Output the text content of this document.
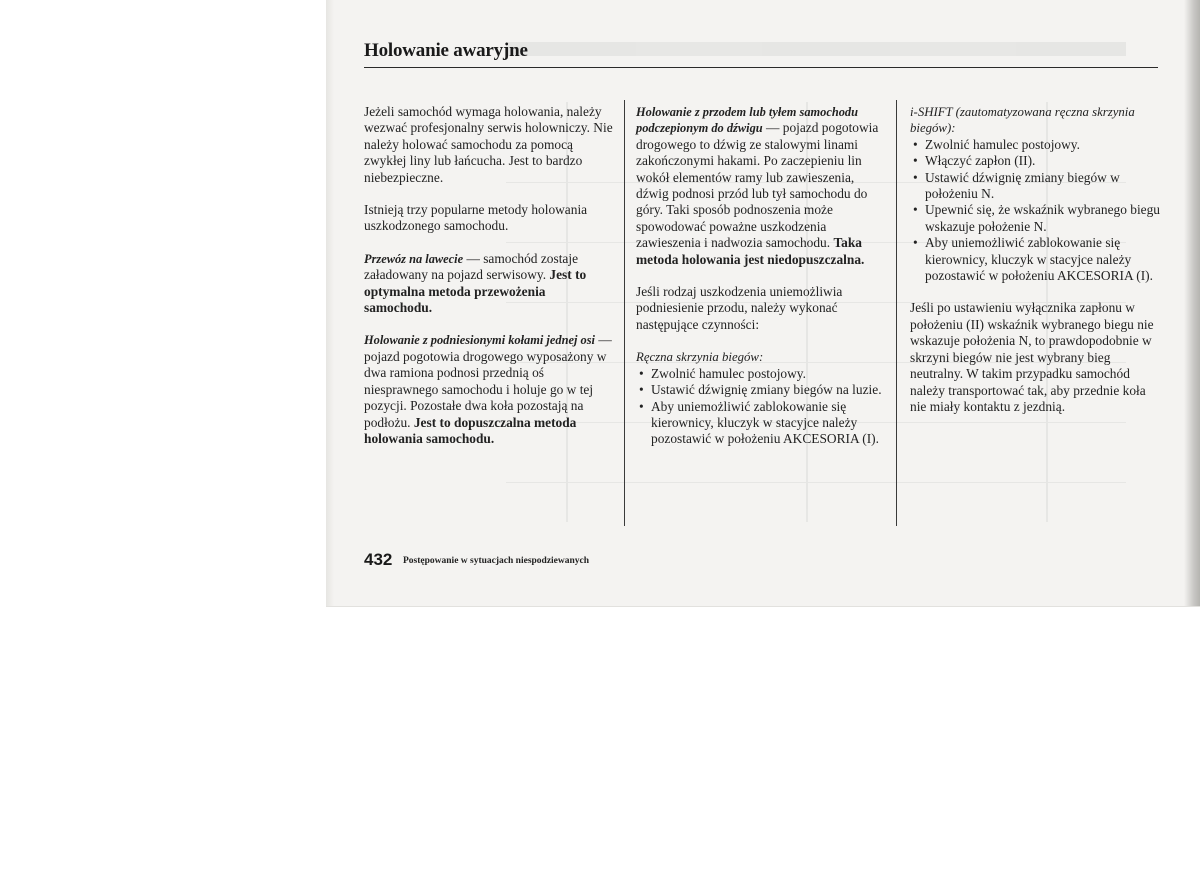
Holowanie awaryjne

Jeżeli samochód wymaga holowania, należy wezwać profesjonalny serwis holowniczy. Nie należy holować samochodu za pomocą zwykłej liny lub łańcucha. Jest to bardzo niebezpieczne.

Istnieją trzy popularne metody holowania uszkodzonego samochodu.

Przewóz na lawecie — samochód zostaje załadowany na pojazd serwisowy. Jest to optymalna metoda przewożenia samochodu.

Holowanie z podniesionymi kołami jednej osi — pojazd pogotowia drogowego wyposażony w dwa ramiona podnosi przednią oś niesprawnego samochodu i holuje go w tej pozycji. Pozostałe dwa koła pozostają na podłożu. Jest to dopuszczalna metoda holowania samochodu.

Holowanie z przodem lub tyłem samochodu podczepionym do dźwigu — pojazd pogotowia drogowego to dźwig ze stalowymi linami zakończonymi hakami. Po zaczepieniu lin wokół elementów ramy lub zawieszenia, dźwig podnosi przód lub tył samochodu do góry. Taki sposób podnoszenia może spowodować poważne uszkodzenia zawieszenia i nadwozia samochodu. Taka metoda holowania jest niedopuszczalna.

Jeśli rodzaj uszkodzenia uniemożliwia podniesienie przodu, należy wykonać następujące czynności:

Ręczna skrzynia biegów:
• Zwolnić hamulec postojowy.
• Ustawić dźwignię zmiany biegów na luzie.
• Aby uniemożliwić zablokowanie się kierownicy, kluczyk w stacyjce należy pozostawić w położeniu AKCESORIA (I).
i-SHIFT (zautomatyzowana ręczna skrzynia biegów):
• Zwolnić hamulec postojowy.
• Włączyć zapłon (II).
• Ustawić dźwignię zmiany biegów w położeniu N.
• Upewnić się, że wskaźnik wybranego biegu wskazuje położenie N.
• Aby uniemożliwić zablokowanie się kierownicy, kluczyk w stacyjce należy pozostawić w położeniu AKCESORIA (I).

Jeśli po ustawieniu wyłącznika zapłonu w położeniu (II) wskaźnik wybranego biegu nie wskazuje położenia N, to prawdopodobnie w skrzyni biegów nie jest wybrany bieg neutralny. W takim przypadku samochód należy transportować tak, aby przednie koła nie miały kontaktu z jezdnią.

432 Postępowanie w sytuacjach niespodziewanych
